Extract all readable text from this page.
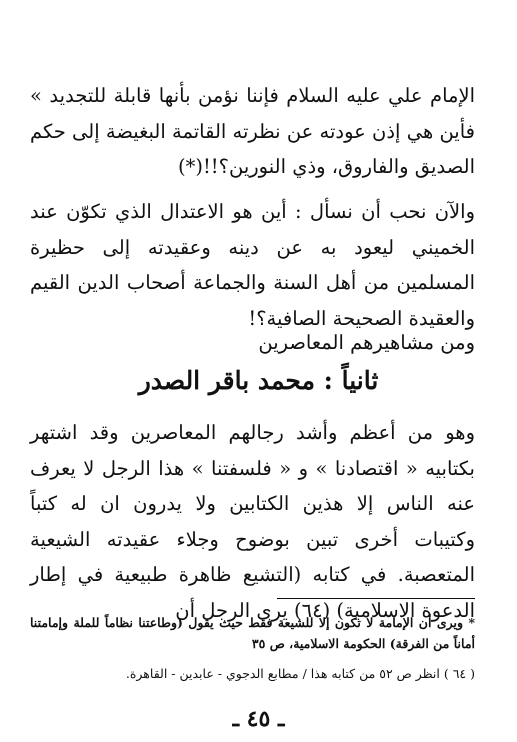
الإمام علي عليه السلام فإننا نؤمن بأنها قابلة للتجديد » فأين هي إذن عودته عن نظرته القاتمة البغيضة إلى حكم الصديق والفاروق، وذي النورين؟!!(*)
والآن نحب أن نسأل : أين هو الاعتدال الذي تكوّن عند الخميني ليعود به عن دينه وعقيدته إلى حظيرة المسلمين من أهل السنة والجماعة أصحاب الدين القيم والعقيدة الصحيحة الصافية؟!
ومن مشاهيرهم المعاصرين
ثانياً : محمد باقر الصدر
وهو من أعظم وأشد رجالهم المعاصرين وقد اشتهر بكتابيه « اقتصادنا » و « فلسفتنا » هذا الرجل لا يعرف عنه الناس إلا هذين الكتابين ولا يدرون ان له كتباً وكتيبات أخرى تبين بوضوح وجلاء عقيدته الشيعية المتعصبة. في كتابه (التشيع ظاهرة طبيعية في إطار الدعوة الاسلامية) (٦٤) يرى الرجل أن
* ويرى أن الإمامة لا تكون إلا للشيعة فقط حيث يقول (وطاعتنا نظاماً للملة وإمامتنا أماناً من الفرقة) الحكومة الاسلامية، ص ٣٥
( ٦٤ ) انظر ص ٥٢ من كتابه هذا / مطابع الدجوي - عابدين - القاهرة.
ـ ٤٥ ـ
